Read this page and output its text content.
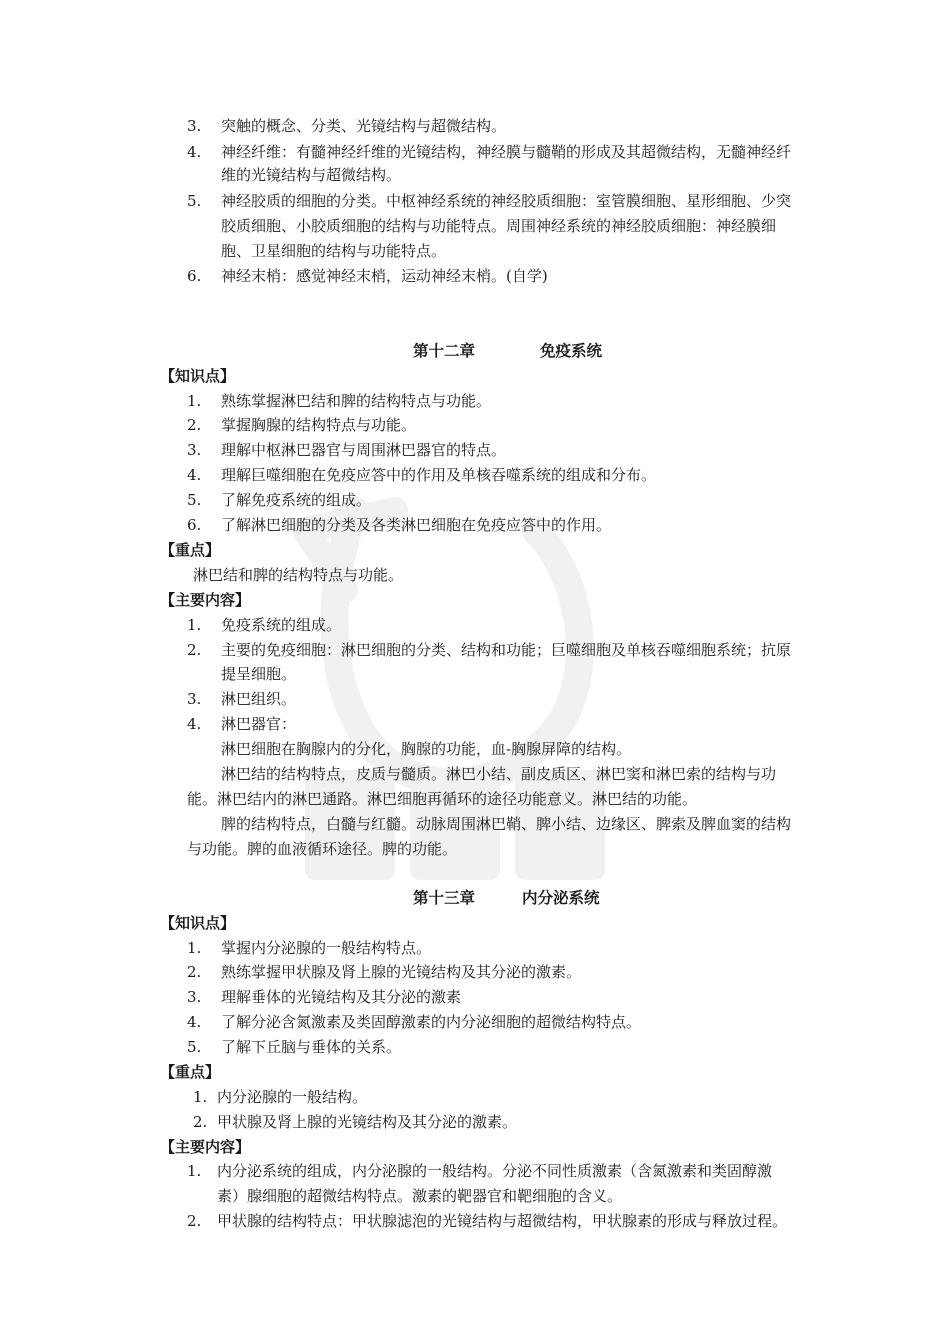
3. 突触的概念、分类、光镜结构与超微结构。
4. 神经纤维：有髓神经纤维的光镜结构，神经膜与髓鞘的形成及其超微结构，无髓神经纤
维的光镜结构与超微结构。
5. 神经胶质的细胞的分类。中枢神经系统的神经胶质细胞：室管膜细胞、星形细胞、少突
胶质细胞、小胶质细胞的结构与功能特点。周围神经系统的神经胶质细胞：神经膜细
胞、卫星细胞的结构与功能特点。
6. 神经末梢：感觉神经末梢，运动神经末梢。(自学)
第十二章	免疫系统
【知识点】
1. 熟练掌握淋巴结和脾的结构特点与功能。
2. 掌握胸腺的结构特点与功能。
3. 理解中枢淋巴器官与周围淋巴器官的特点。
4. 理解巨噬细胞在免疫应答中的作用及单核吞噬系统的组成和分布。
5. 了解免疫系统的组成。
6. 了解淋巴细胞的分类及各类淋巴细胞在免疫应答中的作用。
【重点】
淋巴结和脾的结构特点与功能。
【主要内容】
1. 免疫系统的组成。
2. 主要的免疫细胞：淋巴细胞的分类、结构和功能；巨噬细胞及单核吞噬细胞系统；抗原
提呈细胞。
3. 淋巴组织。
4. 淋巴器官：
淋巴细胞在胸腺内的分化，胸腺的功能，血-胸腺屏障的结构。
淋巴结的结构特点，皮质与髓质。淋巴小结、副皮质区、淋巴窦和淋巴索的结构与功
能。淋巴结内的淋巴通路。淋巴细胞再循环的途径功能意义。淋巴结的功能。
脾的结构特点，白髓与红髓。动脉周围淋巴鞘、脾小结、边缘区、脾索及脾血窦的结构
与功能。脾的血液循环途径。脾的功能。
第十三章	内分泌系统
【知识点】
1. 掌握内分泌腺的一般结构特点。
2. 熟练掌握甲状腺及肾上腺的光镜结构及其分泌的激素。
3. 理解垂体的光镜结构及其分泌的激素
4. 了解分泌含氮激素及类固醇激素的内分泌细胞的超微结构特点。
5. 了解下丘脑与垂体的关系。
【重点】
1. 内分泌腺的一般结构。
2. 甲状腺及肾上腺的光镜结构及其分泌的激素。
【主要内容】
1. 内分泌系统的组成，内分泌腺的一般结构。分泌不同性质激素（含氮激素和类固醇激
素）腺细胞的超微结构特点。激素的靶器官和靶细胞的含义。
2. 甲状腺的结构特点：甲状腺滤泡的光镜结构与超微结构，甲状腺素的形成与释放过程。
